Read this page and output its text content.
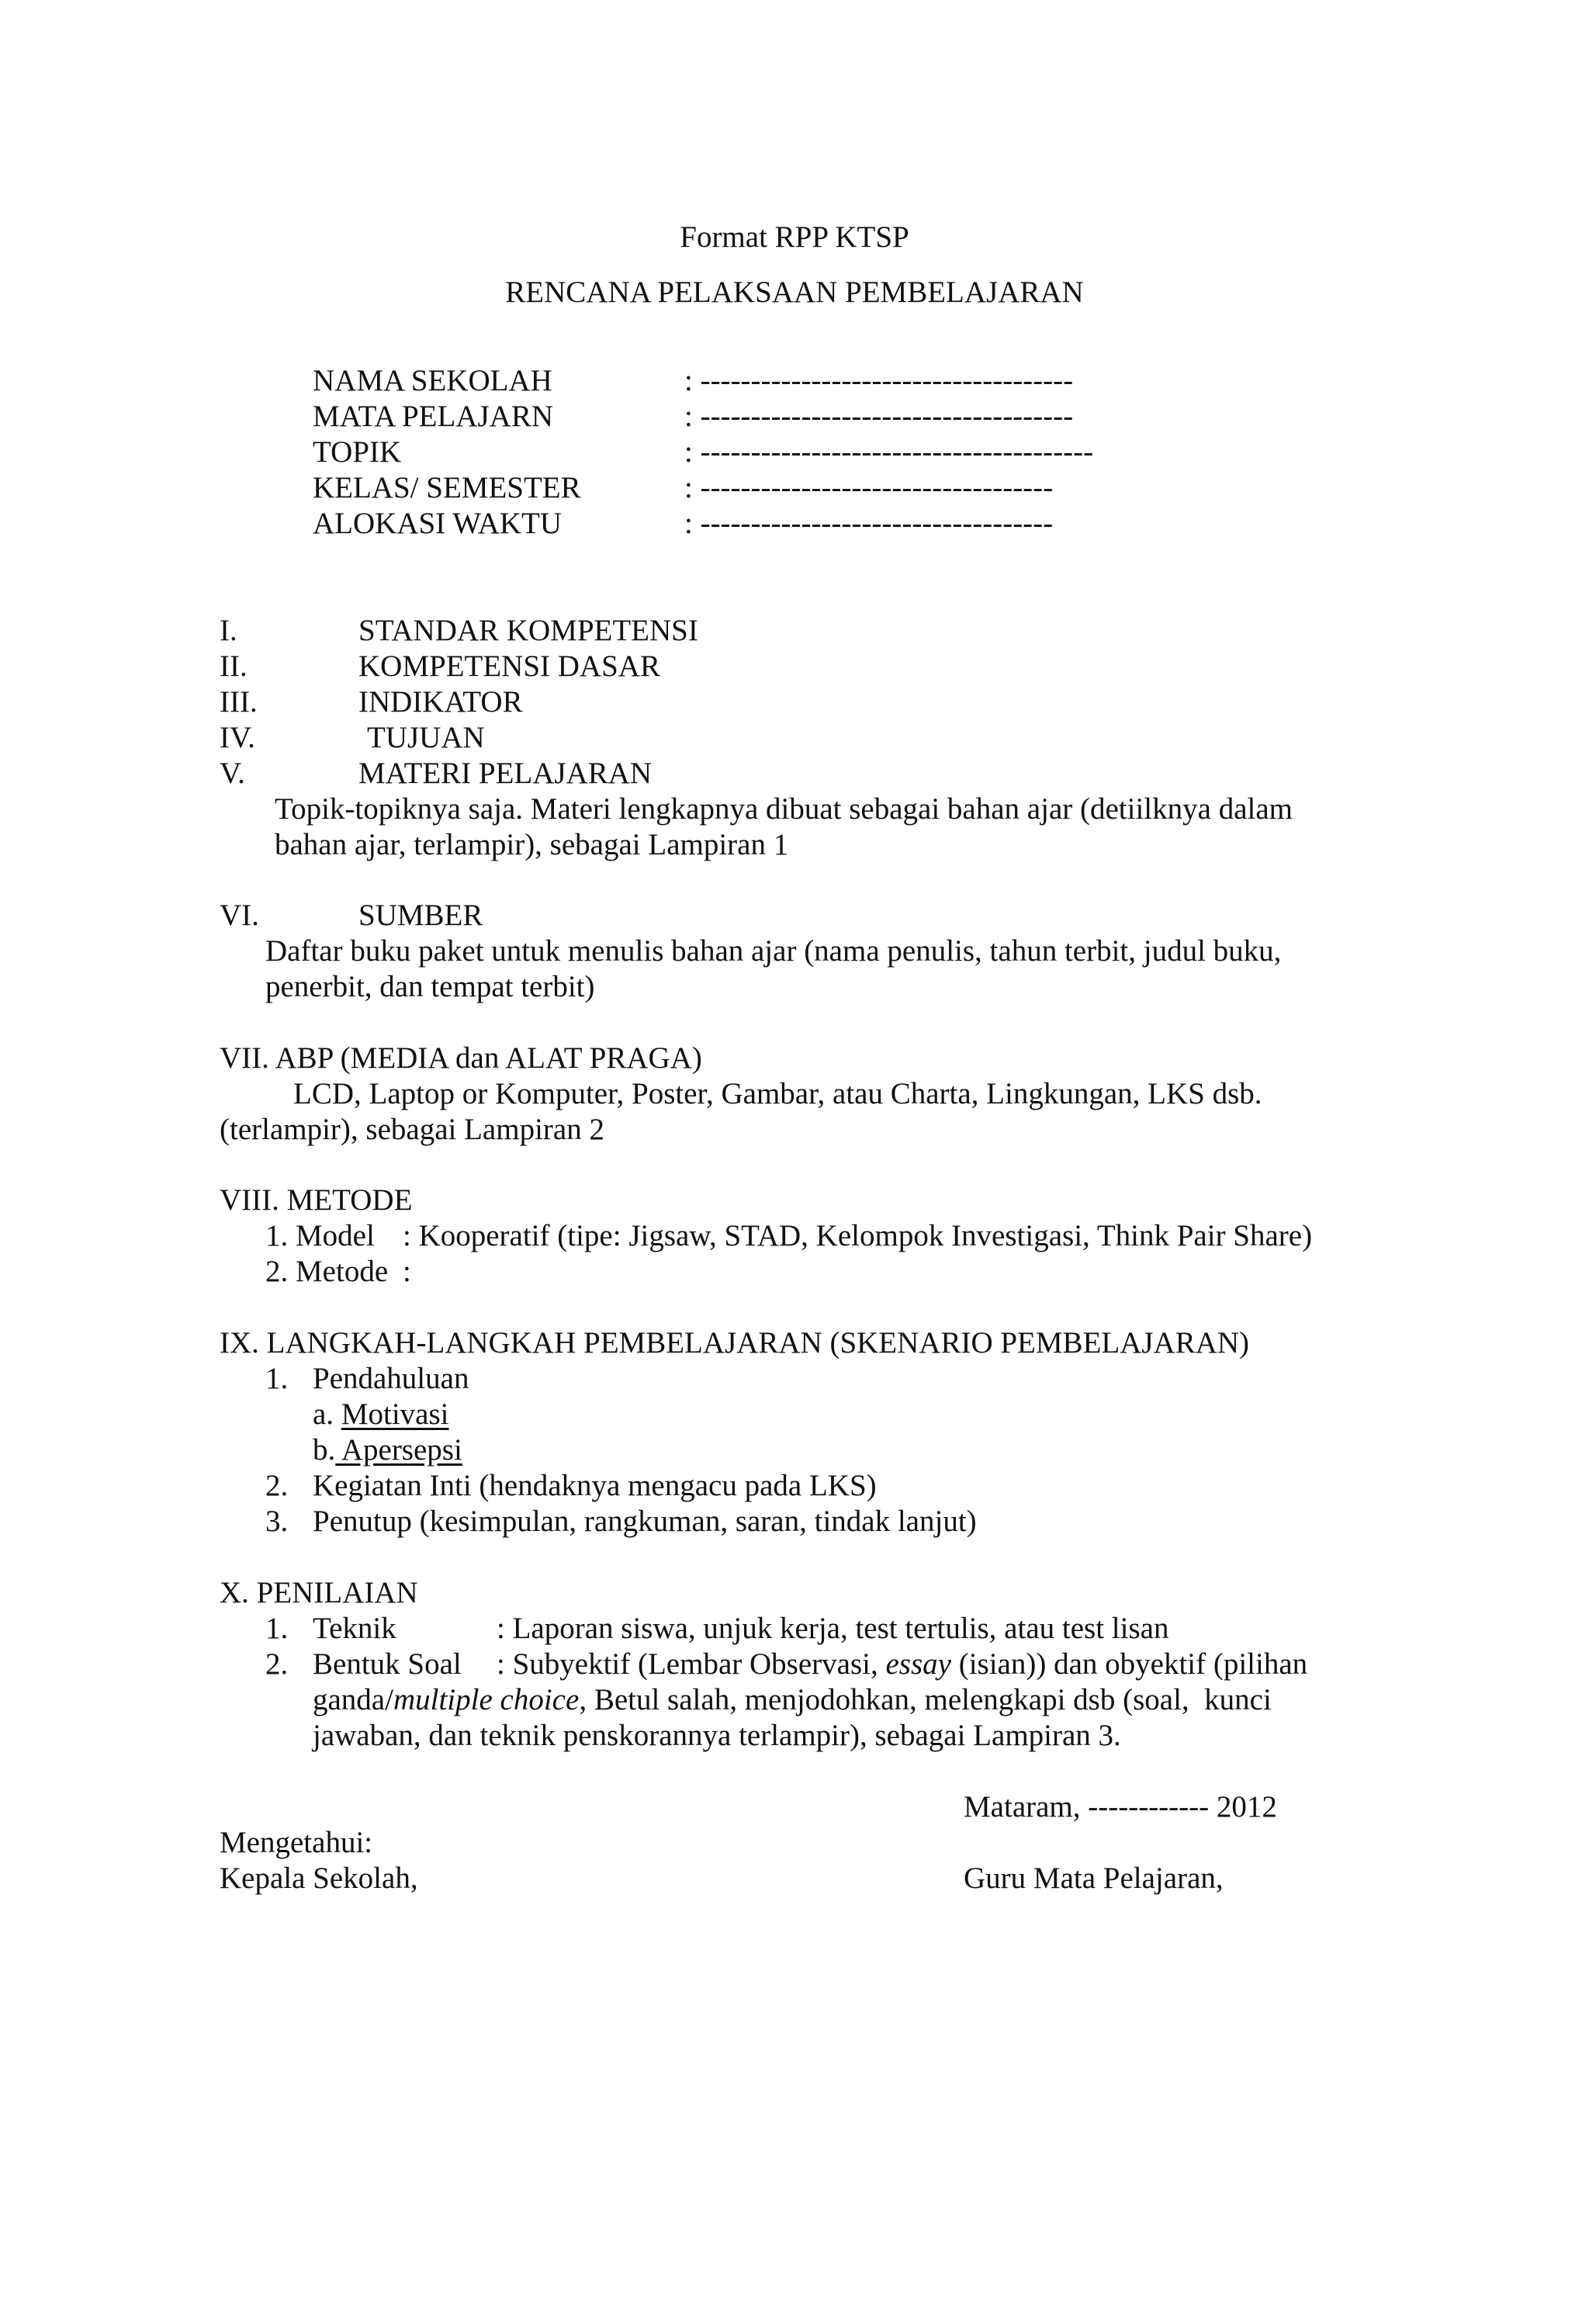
Format RPP KTSP
RENCANA PELAKSAAN PEMBELAJARAN
NAMA SEKOLAH	: -------------------------------------
MATA PELAJARN	: -------------------------------------
TOPIK	: ---------------------------------------
KELAS/ SEMESTER	: -----------------------------------
ALOKASI WAKTU	: -----------------------------------
I.	STANDAR KOMPETENSI
II.	KOMPETENSI DASAR
III.	INDIKATOR
IV.	TUJUAN
V.	MATERI PELAJARAN
Topik-topiknya saja. Materi lengkapnya dibuat sebagai bahan ajar (detiilknya dalam
bahan ajar, terlampir), sebagai Lampiran 1
VI.	SUMBER
Daftar buku paket untuk menulis bahan ajar (nama penulis, tahun terbit, judul buku,
penerbit, dan tempat terbit)
VII. ABP (MEDIA dan ALAT PRAGA)
LCD, Laptop or Komputer, Poster, Gambar, atau Charta, Lingkungan, LKS dsb.
(terlampir), sebagai Lampiran 2
VIII. METODE
1. Model : Kooperatif (tipe: Jigsaw, STAD, Kelompok Investigasi, Think Pair Share)
2. Metode :
IX. LANGKAH-LANGKAH PEMBELAJARAN (SKENARIO PEMBELAJARAN)
1. Pendahuluan
a. Motivasi
b. Apersepsi
2. Kegiatan Inti (hendaknya mengacu pada LKS)
3. Penutup (kesimpulan, rangkuman, saran, tindak lanjut)
X. PENILAIAN
1. Teknik	: Laporan siswa, unjuk kerja, test tertulis, atau test lisan
2. Bentuk Soal : Subyektif (Lembar Observasi, essay (isian)) dan obyektif (pilihan
ganda/multiple choice, Betul salah, menjodohkan, melengkapi dsb (soal,  kunci
jawaban, dan teknik penskorannya terlampir), sebagai Lampiran 3.
Mataram, ------------ 2012
Mengetahui:
Kepala Sekolah,	Guru Mata Pelajaran,
